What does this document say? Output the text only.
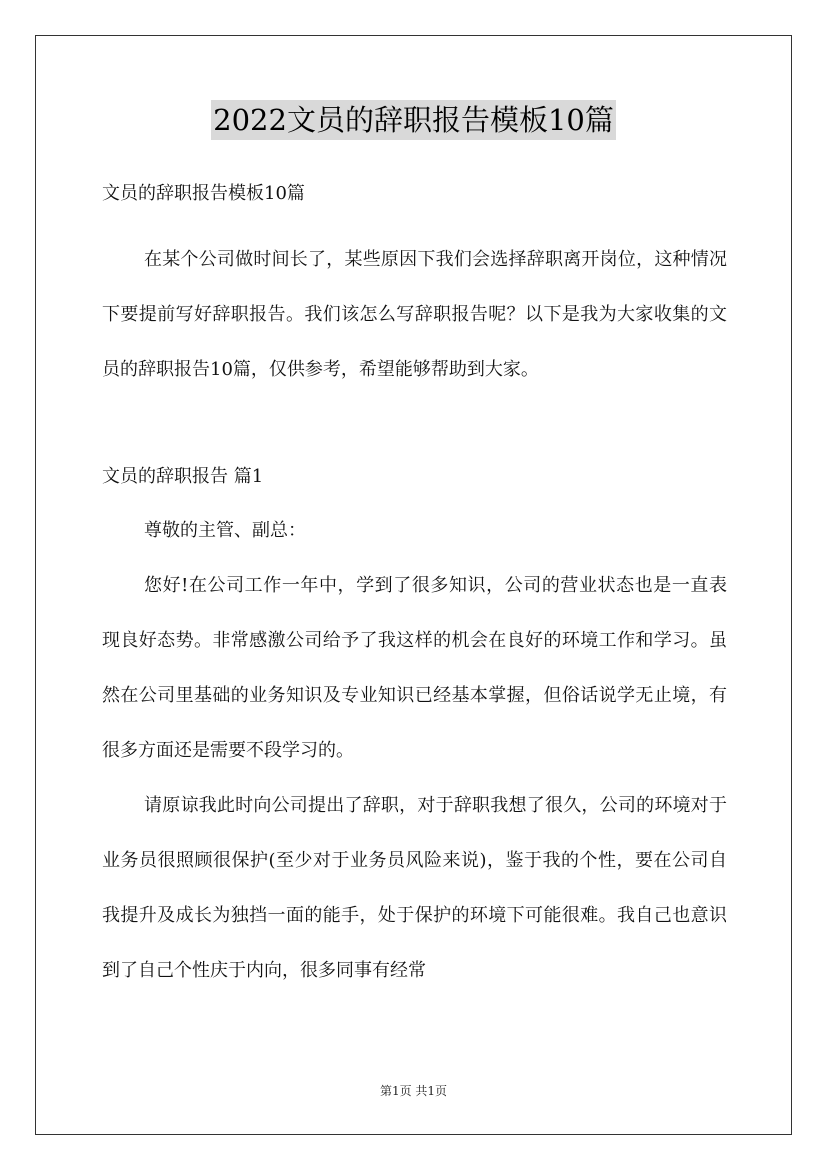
2022文员的辞职报告模板10篇
文员的辞职报告模板10篇

在某个公司做时间长了，某些原因下我们会选择辞职离开岗位，这种情况下要提前写好辞职报告。我们该怎么写辞职报告呢？以下是我为大家收集的文员的辞职报告10篇，仅供参考，希望能够帮助到大家。

文员的辞职报告 篇1

尊敬的主管、副总：

您好!在公司工作一年中，学到了很多知识，公司的营业状态也是一直表现良好态势。非常感激公司给予了我这样的机会在良好的环境工作和学习。虽然在公司里基础的业务知识及专业知识已经基本掌握，但俗话说学无止境，有很多方面还是需要不段学习的。

请原谅我此时向公司提出了辞职，对于辞职我想了很久，公司的环境对于业务员很照顾很保护(至少对于业务员风险来说)，鉴于我的个性，要在公司自我提升及成长为独挡一面的能手，处于保护的环境下可能很难。我自己也意识到了自己个性庆于内向，很多同事有经常

第1页 共1页
